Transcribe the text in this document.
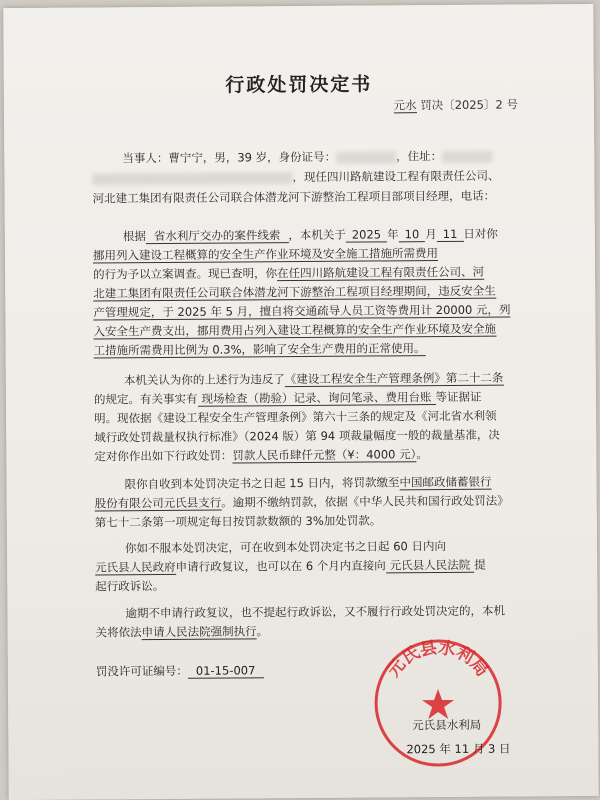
行政处罚决定书
元水 罚决〔2025〕2 号
当事人：曹宁宁，男，39 岁，身份证号：	，住址：
，现任四川路航建设工程有限责任公司、
河北建工集团有限责任公司联合体潜龙河下游整治工程项目部项目经理，电话：
根据 省水利厅交办的案件线索 ，本机关于 2025 年 10 月 11 日对你
挪用列入建设工程概算的安全生产作业环境及安全施工措施所需费用
的行为予以立案调查。现已查明，你在任四川路航建设工程有限责任公司、河
北建工集团有限责任公司联合体潜龙河下游整治工程项目经理期间，违反安全生
产管理规定，于 2025 年 5 月，擅自将交通疏导人员工资等费用计 20000 元，列
入安全生产费支出，挪用费用占列入建设工程概算的安全生产作业环境及安全施
工措施所需费用比例为 0.3%，影响了安全生产费用的正常使用。
本机关认为你的上述行为违反了《建设工程安全生产管理条例》第二十二条
的规定。有关事实有 现场检查（勘验）记录、询问笔录、费用台账 等证据证
明。现依据《建设工程安全生产管理条例》第六十三条的规定及《河北省水利领
域行政处罚裁量权执行标准》（2024 版）第 94 项裁量幅度一般的裁量基准，决
定对你作出如下行政处罚：罚款人民币肆仟元整（¥：4000 元）。
限你自收到本处罚决定书之日起 15 日内，将罚款缴至中国邮政储蓄银行
股份有限公司元氏县支行。逾期不缴纳罚款，依据《中华人民共和国行政处罚法》
第七十二条第一项规定每日按罚款数额的 3%加处罚款。
你如不服本处罚决定，可在收到本处罚决定书之日起 60 日内向
元氏县人民政府申请行政复议，也可以在 6 个月内直接向 元氏县人民法院 提
起行政诉讼。
逾期不申请行政复议，也不提起行政诉讼，又不履行行政处罚决定的，本机
关将依法申请人民法院强制执行。
罚没许可证编号： 01-15-007	元氏县水利局
元氏县水利局
2025 年 11 月 3 日
